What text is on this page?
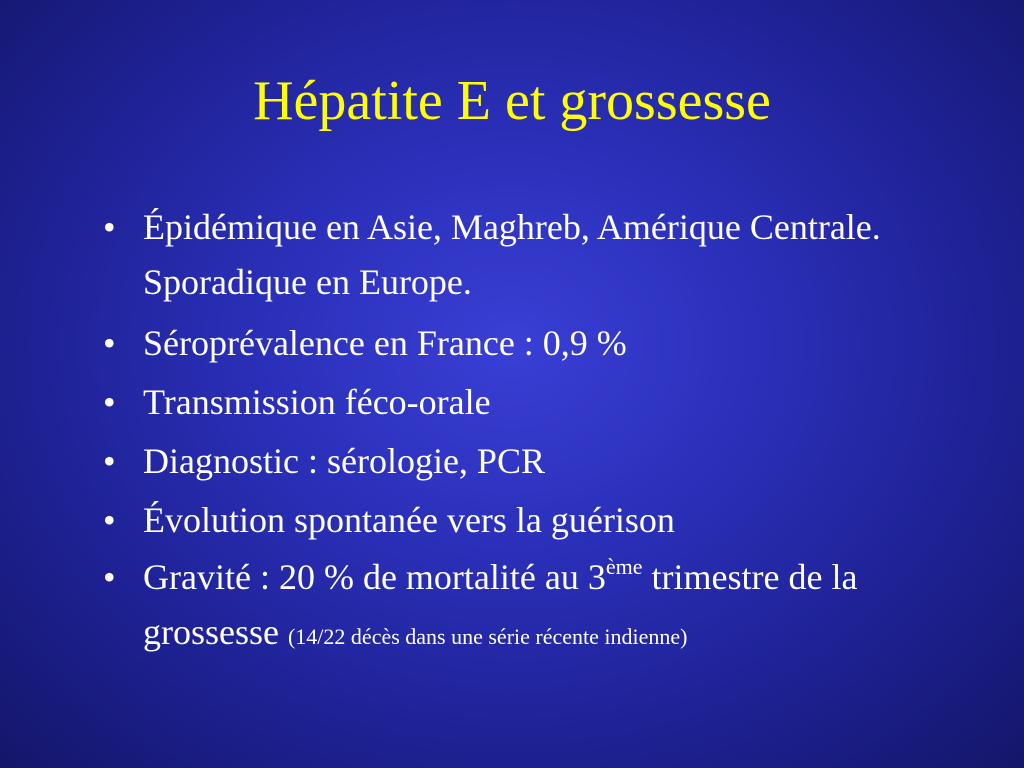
Hépatite E et grossesse
• Épidémique en Asie, Maghreb, Amérique Centrale. Sporadique en Europe.
• Séroprévalence en France : 0,9 %
• Transmission féco-orale
• Diagnostic : sérologie, PCR
• Évolution spontanée vers la guérison
• Gravité : 20 % de mortalité au 3ème trimestre de la grossesse (14/22 décès dans une série récente indienne)
